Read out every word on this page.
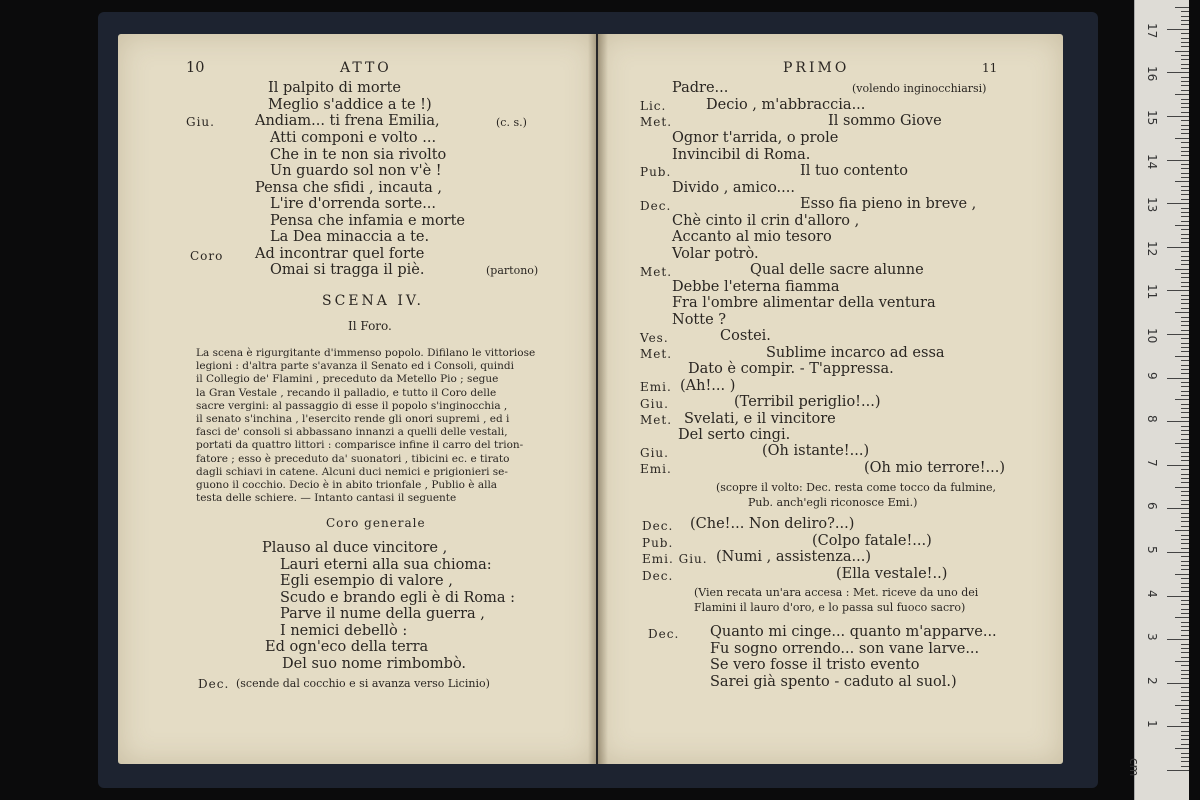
10	ATTO
Il palpito di morte
Meglio s'addice a te !)
Giu.	Andiam... ti frena Emilia,	(c. s.)
Atti componi e volto ...
Che in te non sia rivolto
Un guardo sol non v'è !
Pensa che sfidi , incauta ,
L'ire d'orrenda sorte...
Pensa che infamia e morte
La Dea minaccia a te.
Coro Ad incontrar quel forte
Omai si tragga il piè.	(partono)
SCENA IV.
Il Foro.
La scena è rigurgitante d'immenso popolo. Difilano le vittoriose
legioni : d'altra parte s'avanza il Senato ed i Consoli, quindi
il Collegio de' Flamini , preceduto da Metello Pio ; segue
la Gran Vestale , recando il palladio, e tutto il Coro delle
sacre vergini: al passaggio di esse il popolo s'inginocchia ,
il senato s'inchina , l'esercito rende gli onori supremi , ed i
fasci de' consoli si abbassano innanzi a quelli delle vestali,
portati da quattro littori : comparisce infine il carro del trion-
fatore ; esso è preceduto da' suonatori , tibicini ec. e tirato
dagli schiavi in catene. Alcuni duci nemici e prigionieri se-
guono il cocchio. Decio è in abito trionfale , Publio è alla
testa delle schiere. — Intanto cantasi il seguente
Coro generale
Plauso al duce vincitore ,
Lauri eterni alla sua chioma:
Egli esempio di valore ,
Scudo e brando egli è di Roma :
Parve il nume della guerra ,
I nemici debellò :
Ed ogn'eco della terra
Del suo nome rimbombò.
Dec. (scende dal cocchio e si avanza verso Licinio)
PRIMO	11
Padre...	(volendo inginocchiarsi)
Lic.	Decio , m'abbraccia...
Met.	Il sommo Giove
Ognor t'arrida, o prole
Invincibil di Roma.
Pub.	Il tuo contento
Divido , amico....
Dec.	Esso fia pieno in breve ,
Chè cinto il crin d'alloro ,
Accanto al mio tesoro
Volar potrò.
Met.	Qual delle sacre alunne
Debbe l'eterna fiamma
Fra l'ombre alimentar della ventura
Notte ?
Ves.	Costei.
Met.	Sublime incarco ad essa
Dato è compir. - T'appressa.
Emi. (Ah!... )
Giu.	(Terribil periglio!...)
Met. Svelati, e il vincitore
Del serto cingi.
Giu.	(Oh istante!...)
Emi.	(Oh mio terrore!...)
(scopre il volto: Dec. resta come tocco da fulmine,
Pub. anch'egli riconosce Emi.)
Dec. (Che!... Non deliro?...)
Pub.	(Colpo fatale!...)
Emi. Giu. (Numi , assistenza...)
Dec.	(Ella vestale!..)
(Vien recata un'ara accesa : Met. riceve da uno dei
Flamini il lauro d'oro, e lo passa sul fuoco sacro)
Dec. Quanto mi cinge... quanto m'apparve...
Fu sogno orrendo... son vane larve...
Se vero fosse il tristo evento
Sarei già spento - caduto al suol.)
cm
1
2
3
4
5
6
7
8
9
10
11
12
13
14
15
16
17
